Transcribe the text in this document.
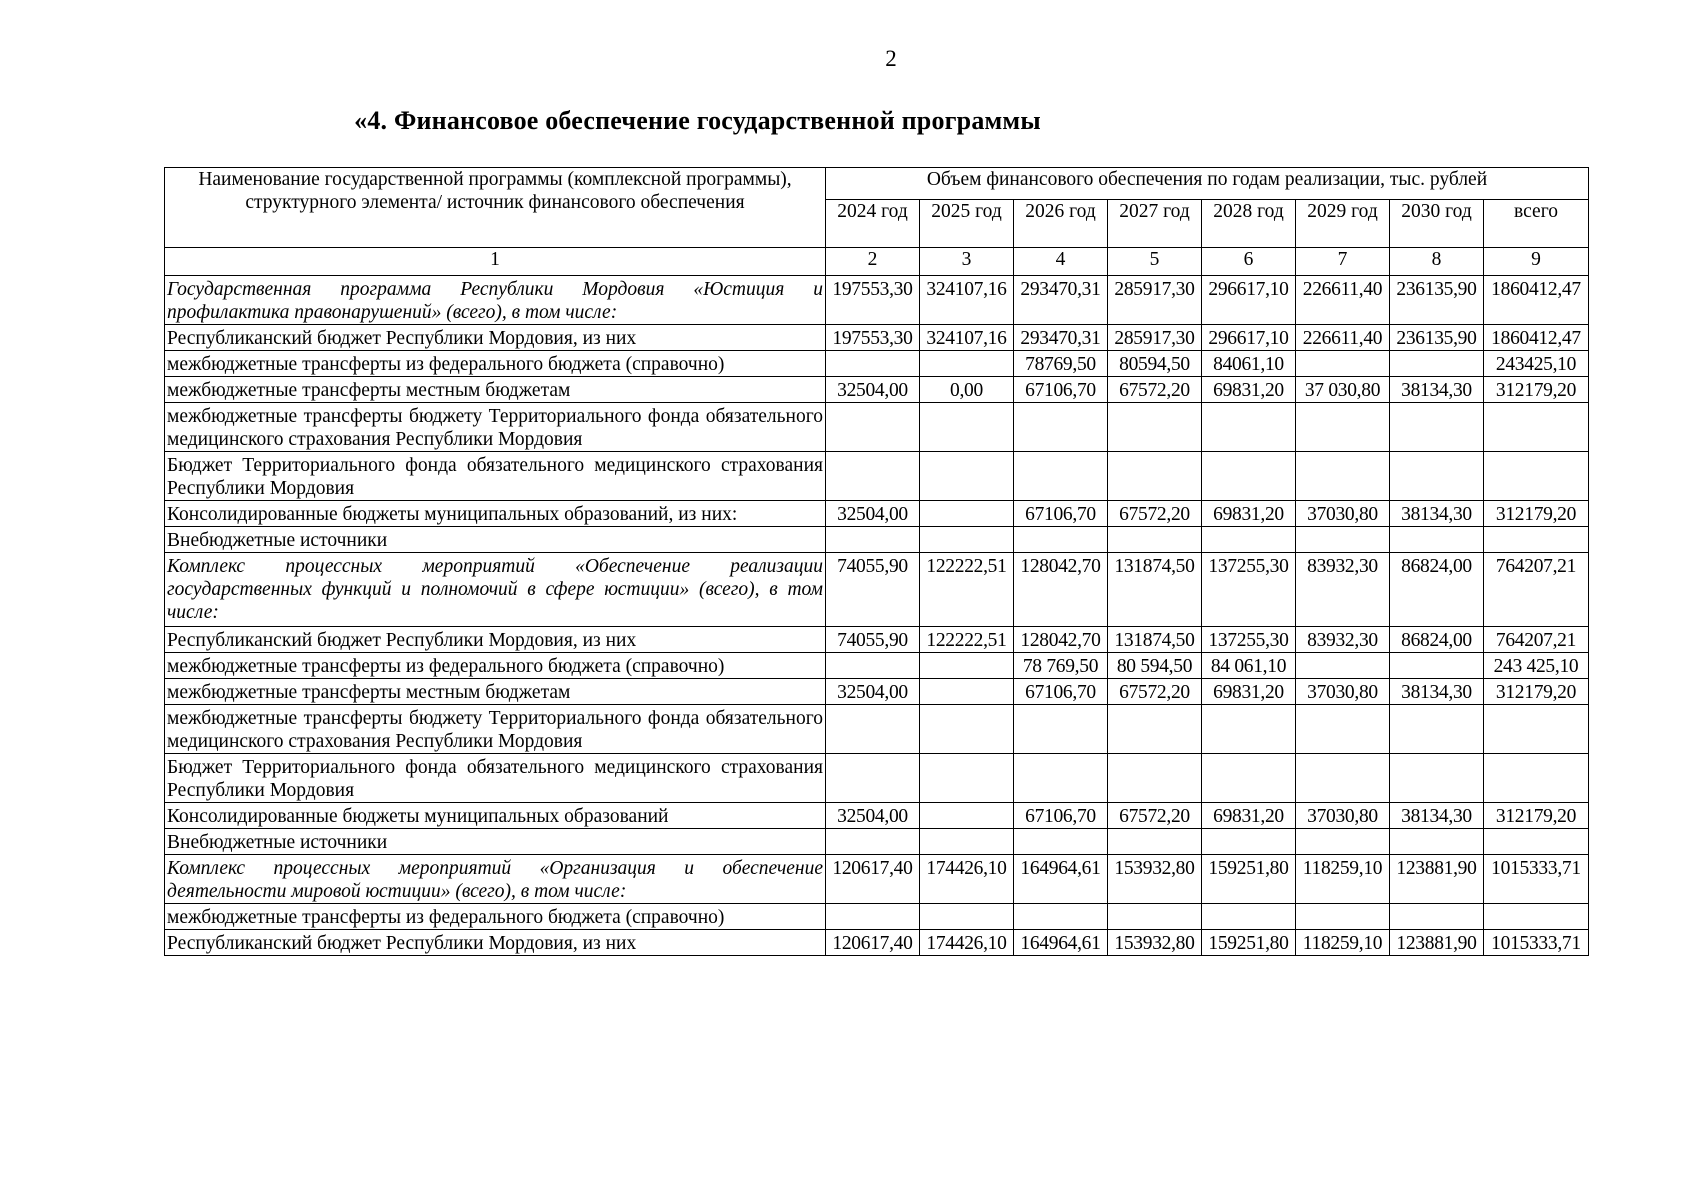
2
«4. Финансовое обеспечение государственной программы
Наименование государственной программы (комплексной программы), структурного элемента/ источник финансового обеспечения	Объем финансового обеспечения по годам реализации, тыс. рублей							
	2024 год	2025 год	2026 год	2027 год	2028 год	2029 год	2030 год	всего
1	2	3	4	5	6	7	8	9
Государственная программа Республики Мордовия «Юстиция и профилактика правонарушений» (всего), в том числе:	197553,30	324107,16	293470,31	285917,30	296617,10	226611,40	236135,90	1860412,47
Республиканский бюджет Республики Мордовия, из них	197553,30	324107,16	293470,31	285917,30	296617,10	226611,40	236135,90	1860412,47
межбюджетные трансферты из федерального бюджета (справочно)			78769,50	80594,50	84061,10			243425,10
межбюджетные трансферты местным бюджетам	32504,00	0,00	67106,70	67572,20	69831,20	37 030,80	38134,30	312179,20
межбюджетные трансферты бюджету Территориального фонда обязательного медицинского страхования Республики Мордовия								
Бюджет Территориального фонда обязательного медицинского страхования Республики Мордовия								
Консолидированные бюджеты муниципальных образований, из них:	32504,00		67106,70	67572,20	69831,20	37030,80	38134,30	312179,20
Внебюджетные источники								
Комплекс процессных мероприятий «Обеспечение реализации государственных функций и полномочий в сфере юстиции» (всего), в том числе:	74055,90	122222,51	128042,70	131874,50	137255,30	83932,30	86824,00	764207,21
Республиканский бюджет Республики Мордовия, из них	74055,90	122222,51	128042,70	131874,50	137255,30	83932,30	86824,00	764207,21
межбюджетные трансферты из федерального бюджета (справочно)			78 769,50	80 594,50	84 061,10			243 425,10
межбюджетные трансферты местным бюджетам	32504,00		67106,70	67572,20	69831,20	37030,80	38134,30	312179,20
межбюджетные трансферты бюджету Территориального фонда обязательного медицинского страхования Республики Мордовия								
Бюджет Территориального фонда обязательного медицинского страхования Республики Мордовия								
Консолидированные бюджеты муниципальных образований	32504,00		67106,70	67572,20	69831,20	37030,80	38134,30	312179,20
Внебюджетные источники								
Комплекс процессных мероприятий «Организация и обеспечение деятельности мировой юстиции» (всего), в том числе:	120617,40	174426,10	164964,61	153932,80	159251,80	118259,10	123881,90	1015333,71
межбюджетные трансферты из федерального бюджета (справочно)								
Республиканский бюджет Республики Мордовия, из них	120617,40	174426,10	164964,61	153932,80	159251,80	118259,10	123881,90	1015333,71
